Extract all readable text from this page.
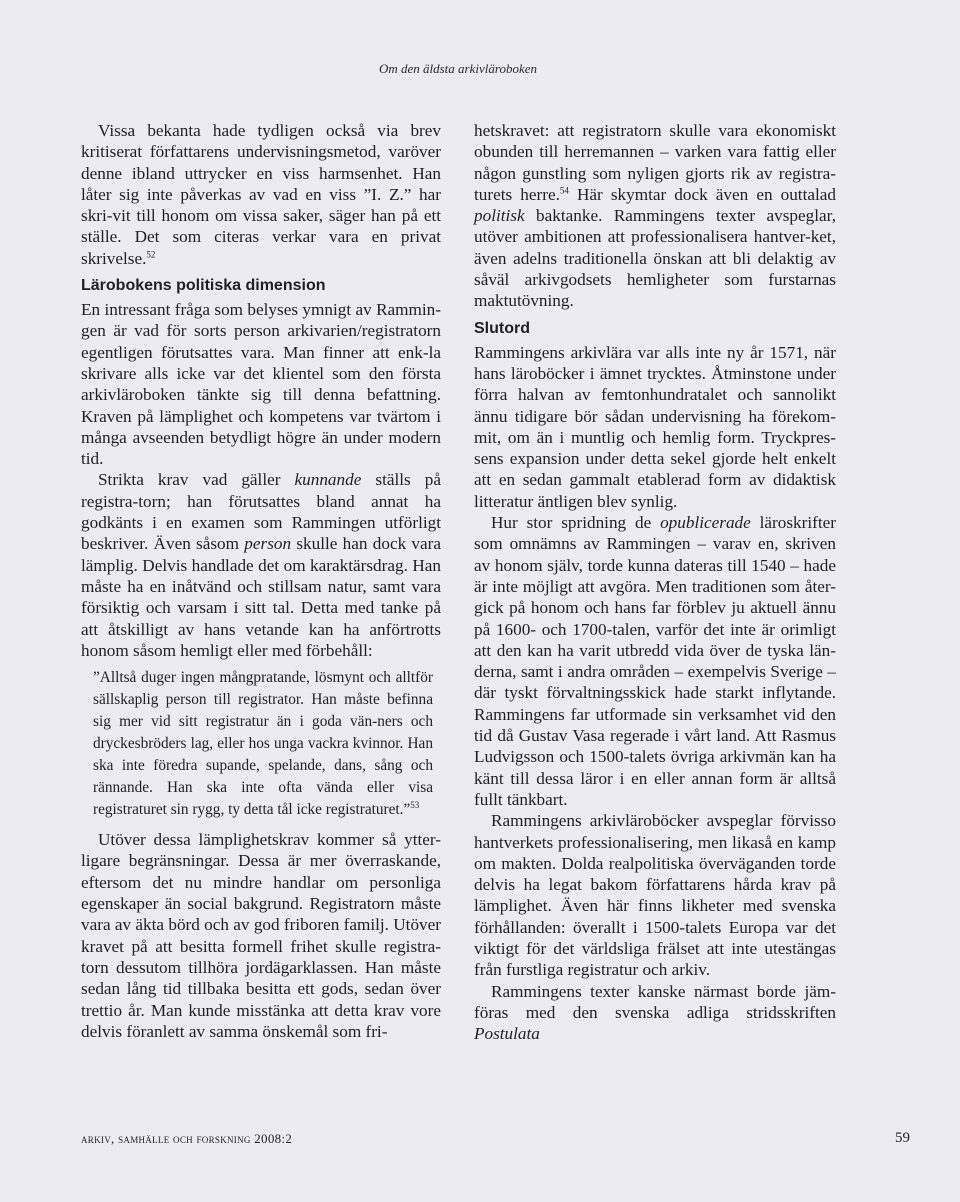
Om den äldsta arkivläroboken

Vissa bekanta hade tydligen också via brev kritiserat författarens undervisningsmetod, varöver denne ibland uttrycker en viss harmsenhet. Han låter sig inte påverkas av vad en viss ”I. Z.” har skri-vit till honom om vissa saker, säger han på ett ställe. Det som citeras verkar vara en privat skrivelse.$^{52}$

Lärobokens politiska dimension

En intressant fråga som belyses ymnigt av Rammin-gen är vad för sorts person arkivarien/registratorn egentligen förutsattes vara. Man finner att enk-la skrivare alls icke var det klientel som den första arkivläroboken tänkte sig till denna befattning. Kraven på lämplighet och kompetens var tvärtom i många avseenden betydligt högre än under modern tid.

Strikta krav vad gäller kunnande ställs på registra-torn; han förutsattes bland annat ha godkänts i en examen som Rammingen utförligt beskriver. Även såsom person skulle han dock vara lämplig. Delvis handlade det om karaktärsdrag. Han måste ha en inåtvänd och stillsam natur, samt vara försiktig och varsam i sitt tal. Detta med tanke på att åtskilligt av hans vetande kan ha anförtrotts honom såsom hemligt eller med förbehåll:

”Alltså duger ingen mångpratande, lösmynt och alltför sällskaplig person till registrator. Han måste befinna sig mer vid sitt registratur än i goda vän-ners och dryckesbröders lag, eller hos unga vackra kvinnor. Han ska inte föredra supande, spelande, dans, sång och rännande. Han ska inte ofta vända eller visa registraturet sin rygg, ty detta tål icke registraturet.”$^{53}$

Utöver dessa lämplighetskrav kommer så ytter-ligare begränsningar. Dessa är mer överraskande, eftersom det nu mindre handlar om personliga egenskaper än social bakgrund. Registratorn måste vara av äkta börd och av god friboren familj. Utöver kravet på att besitta formell frihet skulle registra-torn dessutom tillhöra jordägarklassen. Han måste sedan lång tid tillbaka besitta ett gods, sedan över trettio år. Man kunde misstänka att detta krav vore delvis föranlett av samma önskemål som fri-

hetskravet: att registratorn skulle vara ekonomiskt obunden till herremannen – varken vara fattig eller någon gunstling som nyligen gjorts rik av registra-turets herre.$^{54}$ Här skymtar dock även en outtalad politisk baktanke. Rammingens texter avspeglar, utöver ambitionen att professionalisera hantver-ket, även adelns traditionella önskan att bli delaktig av såväl arkivgodsets hemligheter som furstarnas maktutövning.

Slutord

Rammingens arkivlära var alls inte ny år 1571, när hans läroböcker i ämnet trycktes. Åtminstone under förra halvan av femtonhundratalet och sannolikt ännu tidigare bör sådan undervisning ha förekom-mit, om än i muntlig och hemlig form. Tryckpres-sens expansion under detta sekel gjorde helt enkelt att en sedan gammalt etablerad form av didaktisk litteratur äntligen blev synlig.

Hur stor spridning de opublicerade läroskrifter som omnämns av Rammingen – varav en, skriven av honom själv, torde kunna dateras till 1540 – hade är inte möjligt att avgöra. Men traditionen som åter-gick på honom och hans far förblev ju aktuell ännu på 1600- och 1700-talen, varför det inte är orimligt att den kan ha varit utbredd vida över de tyska län-derna, samt i andra områden – exempelvis Sverige – där tyskt förvaltningsskick hade starkt inflytande. Rammingens far utformade sin verksamhet vid den tid då Gustav Vasa regerade i vårt land. Att Rasmus Ludvigsson och 1500-talets övriga arkivmän kan ha känt till dessa läror i en eller annan form är alltså fullt tänkbart.

Rammingens arkivläroböcker avspeglar förvisso hantverkets professionalisering, men likaså en kamp om makten. Dolda realpolitiska överväganden torde delvis ha legat bakom författarens hårda krav på lämplighet. Även här finns likheter med svenska förhållanden: överallt i 1500-talets Europa var det viktigt för det världsliga frälset att inte utestängas från furstliga registratur och arkiv.

Rammingens texter kanske närmast borde jäm-föras med den svenska adliga stridsskriften Postulata

arkiv, samhälle och forskning 2008:2	59
